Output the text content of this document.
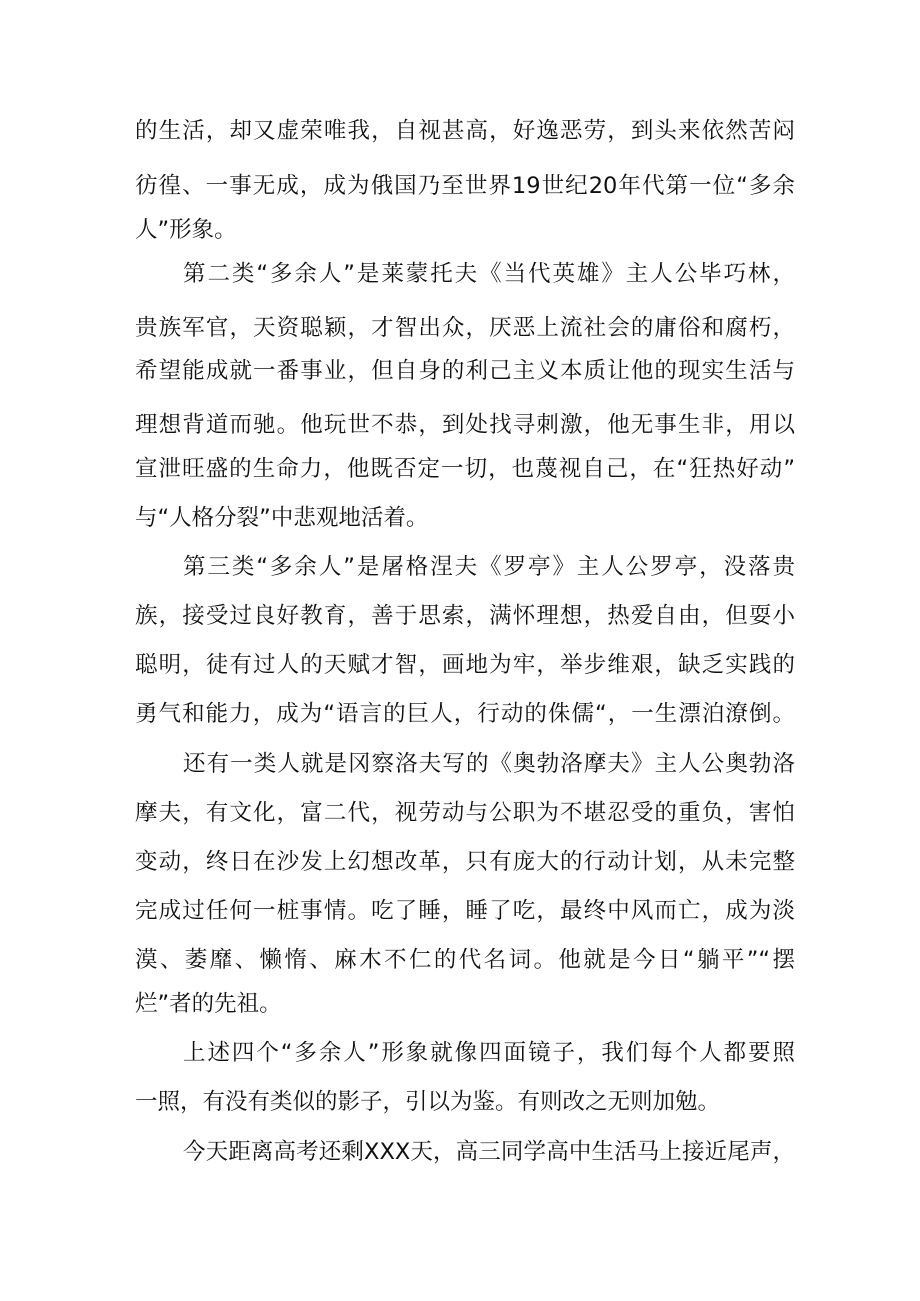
的生活，却又虚荣唯我，自视甚高，好逸恶劳，到头来依然苦闷
彷徨、一事无成，成为俄国乃至世界19世纪20年代第一位“多余
人”形象。
第二类“多余人”是莱蒙托夫《当代英雄》主人公毕巧林，
贵族军官，天资聪颖，才智出众，厌恶上流社会的庸俗和腐朽，
希望能成就一番事业，但自身的利己主义本质让他的现实生活与
理想背道而驰。他玩世不恭，到处找寻刺激，他无事生非，用以
宣泄旺盛的生命力，他既否定一切，也蔑视自己，在“狂热好动”
与“人格分裂”中悲观地活着。
第三类“多余人”是屠格涅夫《罗亭》主人公罗亭，没落贵
族，接受过良好教育，善于思索，满怀理想，热爱自由，但耍小
聪明，徒有过人的天赋才智，画地为牢，举步维艰，缺乏实践的
勇气和能力，成为“语言的巨人，行动的侏儒“，一生漂泊潦倒。
还有一类人就是冈察洛夫写的《奥勃洛摩夫》主人公奥勃洛
摩夫，有文化，富二代，视劳动与公职为不堪忍受的重负，害怕
变动，终日在沙发上幻想改革，只有庞大的行动计划，从未完整
完成过任何一桩事情。吃了睡，睡了吃，最终中风而亡，成为淡
漠、萎靡、懒惰、麻木不仁的代名词。他就是今日“躺平”“摆
烂”者的先祖。
上述四个“多余人”形象就像四面镜子，我们每个人都要照
一照，有没有类似的影子，引以为鉴。有则改之无则加勉。
今天距离高考还剩XXX天，高三同学高中生活马上接近尾声，
